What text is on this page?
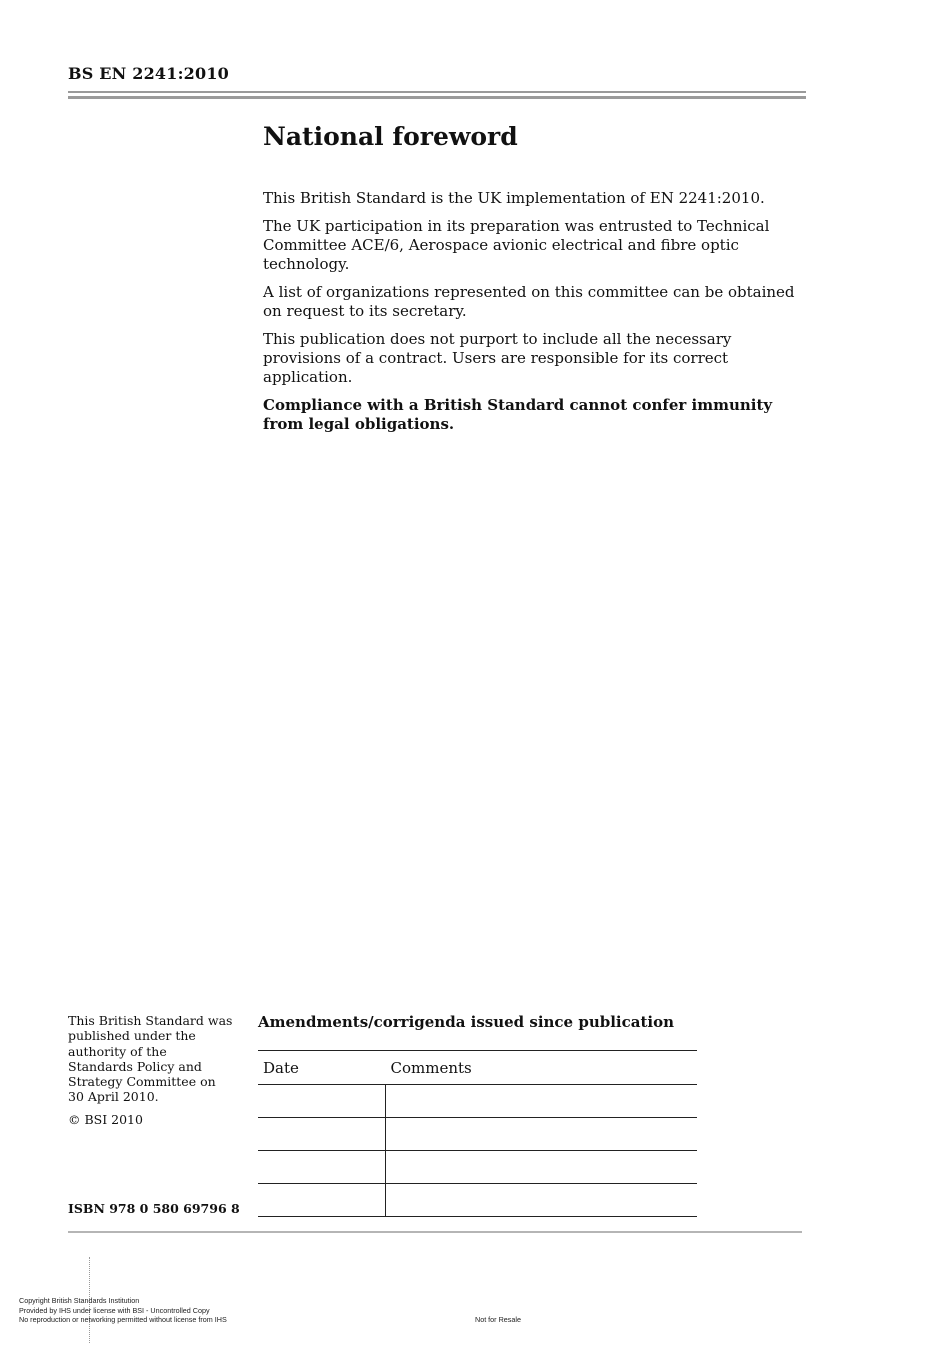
BS EN 2241:2010
National foreword

This British Standard is the UK implementation of EN 2241:2010.

The UK participation in its preparation was entrusted to Technical Committee ACE/6, Aerospace avionic electrical and fibre optic technology.

A list of organizations represented on this committee can be obtained on request to its secretary.

This publication does not purport to include all the necessary provisions of a contract. Users are responsible for its correct application.

Compliance with a British Standard cannot confer immunity from legal obligations.

This British Standard was published under the authority of the Standards Policy and Strategy Committee on 30 April 2010.

© BSI 2010

ISBN 978 0 580 69796 8
Amendments/corrigenda issued since publication
Date	Comments

Copyright British Standards Institution
Provided by IHS under license with BSI - Uncontrolled Copy
No reproduction or networking permitted without license from IHS	Not for Resale
